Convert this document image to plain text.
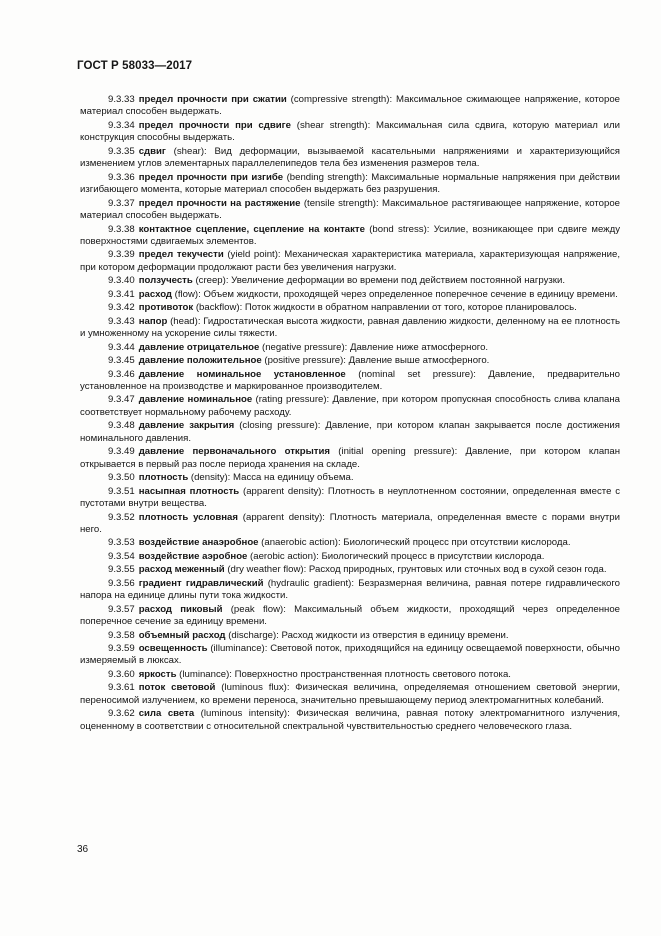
ГОСТ Р 58033—2017

9.3.33 предел прочности при сжатии (compressive strength): Максимальное сжимающее напряжение, которое материал способен выдержать.

9.3.34 предел прочности при сдвиге (shear strength): Максимальная сила сдвига, которую материал или конструкция способны выдержать.

9.3.35 сдвиг (shear): Вид деформации, вызываемой касательными напряжениями и характеризующийся изменением углов элементарных параллелепипедов тела без изменения размеров тела.

9.3.36 предел прочности при изгибе (bending strength): Максимальные нормальные напряжения при действии изгибающего момента, которые материал способен выдержать без разрушения.

9.3.37 предел прочности на растяжение (tensile strength): Максимальное растягивающее напряжение, которое материал способен выдержать.

9.3.38 контактное сцепление, сцепление на контакте (bond stress): Усилие, возникающее при сдвиге между поверхностями сдвигаемых элементов.

9.3.39 предел текучести (yield point): Механическая характеристика материала, характеризующая напряжение, при котором деформации продолжают расти без увеличения нагрузки.

9.3.40 ползучесть (creep): Увеличение деформации во времени под действием постоянной нагрузки.

9.3.41 расход (flow): Объем жидкости, проходящей через определенное поперечное сечение в единицу времени.

9.3.42 противоток (backflow): Поток жидкости в обратном направлении от того, которое планировалось.

9.3.43 напор (head): Гидростатическая высота жидкости, равная давлению жидкости, деленному на ее плотность и умноженному на ускорение силы тяжести.

9.3.44 давление отрицательное (negative pressure): Давление ниже атмосферного.

9.3.45 давление положительное (positive pressure): Давление выше атмосферного.

9.3.46 давление номинальное установленное (nominal set pressure): Давление, предварительно установленное на производстве и маркированное производителем.

9.3.47 давление номинальное (rating pressure): Давление, при котором пропускная способность слива клапана соответствует нормальному рабочему расходу.

9.3.48 давление закрытия (closing pressure): Давление, при котором клапан закрывается после достижения номинального давления.

9.3.49 давление первоначального открытия (initial opening pressure): Давление, при котором клапан открывается в первый раз после периода хранения на складе.

9.3.50 плотность (density): Масса на единицу объема.

9.3.51 насыпная плотность (apparent density): Плотность в неуплотненном состоянии, определенная вместе с пустотами внутри вещества.

9.3.52 плотность условная (apparent density): Плотность материала, определенная вместе с порами внутри него.

9.3.53 воздействие анаэробное (anaerobic action): Биологический процесс при отсутствии кислорода.

9.3.54 воздействие аэробное (aerobic action): Биологический процесс в присутствии кислорода.

9.3.55 расход меженный (dry weather flow): Расход природных, грунтовых или сточных вод в сухой сезон года.

9.3.56 градиент гидравлический (hydraulic gradient): Безразмерная величина, равная потере гидравлического напора на единице длины пути тока жидкости.

9.3.57 расход пиковый (peak flow): Максимальный объем жидкости, проходящий через определенное поперечное сечение за единицу времени.

9.3.58 объемный расход (discharge): Расход жидкости из отверстия в единицу времени.

9.3.59 освещенность (illuminance): Световой поток, приходящийся на единицу освещаемой поверхности, обычно измеряемый в люксах.

9.3.60 яркость (luminance): Поверхностно пространственная плотность светового потока.

9.3.61 поток световой (luminous flux): Физическая величина, определяемая отношением световой энергии, переносимой излучением, ко времени переноса, значительно превышающему период электромагнитных колебаний.

9.3.62 сила света (luminous intensity): Физическая величина, равная потоку электромагнитного излучения, оцененному в соответствии с относительной спектральной чувствительностью среднего человеческого глаза.

36
